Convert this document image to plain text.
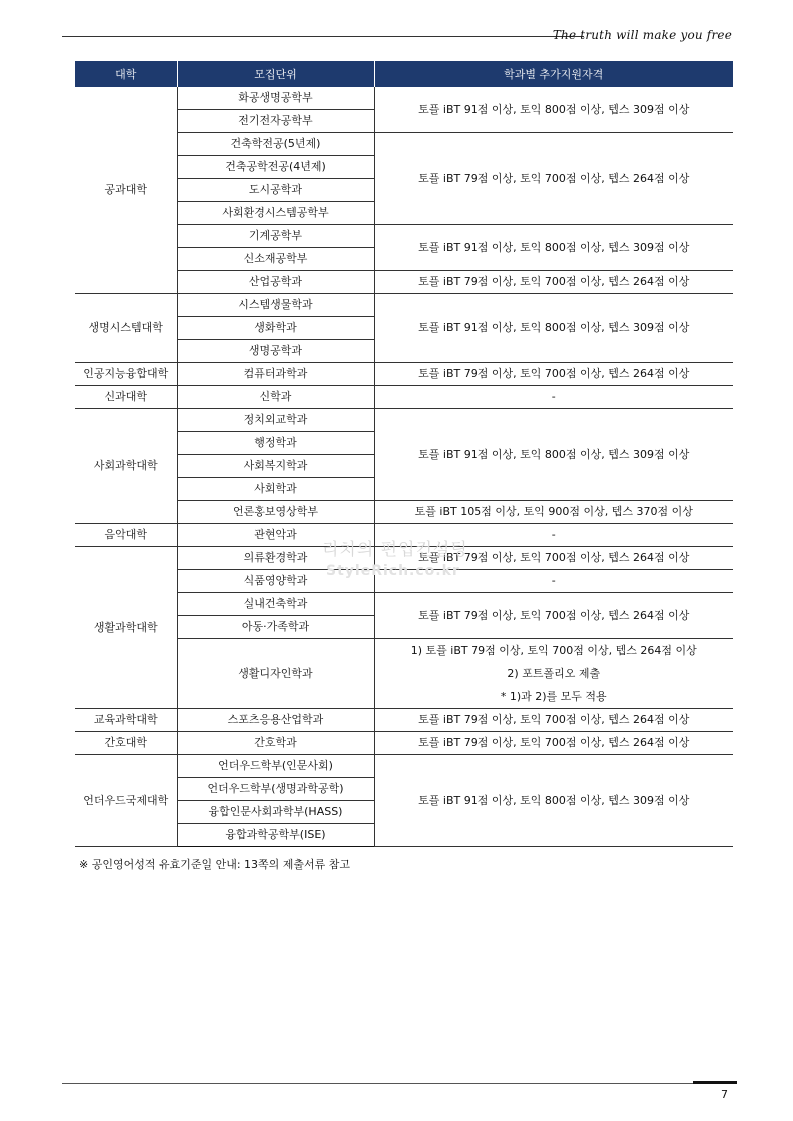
The truth will make you free
대학	모집단위	학과별 추가지원자격
공과대학	화공생명공학부	토플 iBT 91점 이상, 토익 800점 이상, 텝스 309점 이상
	전기전자공학부	
	건축학전공(5년제)	토플 iBT 79점 이상, 토익 700점 이상, 텝스 264점 이상
	건축공학전공(4년제)	
	도시공학과	
	사회환경시스템공학부	
	기계공학부	토플 iBT 91점 이상, 토익 800점 이상, 텝스 309점 이상
	신소재공학부	
	산업공학과	토플 iBT 79점 이상, 토익 700점 이상, 텝스 264점 이상
생명시스템대학	시스템생물학과	토플 iBT 91점 이상, 토익 800점 이상, 텝스 309점 이상
	생화학과	
	생명공학과	
인공지능융합대학	컴퓨터과학과	토플 iBT 79점 이상, 토익 700점 이상, 텝스 264점 이상
신과대학	신학과	-
사회과학대학	정치외교학과	토플 iBT 91점 이상, 토익 800점 이상, 텝스 309점 이상
	행정학과	
	사회복지학과	
	사회학과	
	언론홍보영상학부	토플 iBT 105점 이상, 토익 900점 이상, 텝스 370점 이상
음악대학	관현악과	-
생활과학대학	의류환경학과	토플 iBT 79점 이상, 토익 700점 이상, 텝스 264점 이상
	식품영양학과	-
	실내건축학과	토플 iBT 79점 이상, 토익 700점 이상, 텝스 264점 이상
	아동·가족학과	
	생활디자인학과	1) 토플 iBT 79점 이상, 토익 700점 이상, 텝스 264점 이상
2) 포트폴리오 제출
* 1)과 2)를 모두 적용

교육과학대학	스포츠응용산업학과	토플 iBT 79점 이상, 토익 700점 이상, 텝스 264점 이상
간호대학	간호학과	토플 iBT 79점 이상, 토익 700점 이상, 텝스 264점 이상
언더우드국제대학	언더우드학부(인문사회)	토플 iBT 91점 이상, 토익 800점 이상, 텝스 309점 이상
	언더우드학부(생명과학공학)	
	융합인문사회과학부(HASS)	
	융합과학공학부(ISE)	
리치의 편입컨설팅
StyleRich.co.kr
※ 공인영어성적 유효기준일 안내: 13쪽의 제출서류 참고
7
